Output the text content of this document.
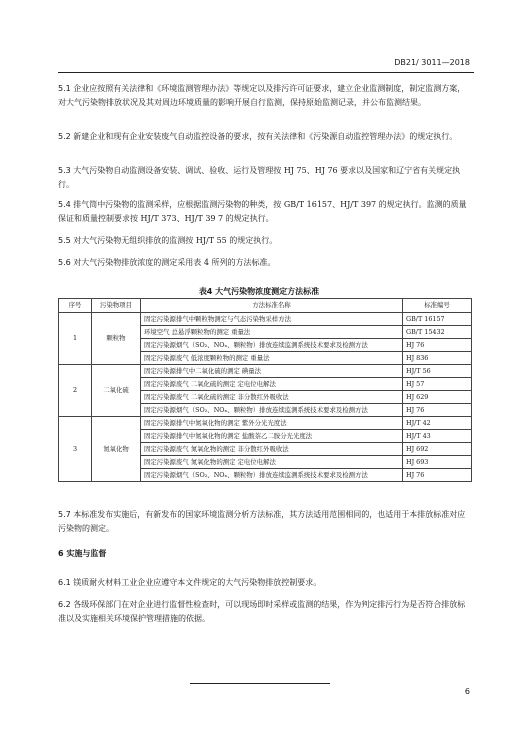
DB21/ 3011—2018
5.1 企业应按照有关法律和《环境监测管理办法》等规定以及排污许可证要求，建立企业监测制度，制定监测方案，对大气污染物排放状况及其对周边环境质量的影响开展自行监测，保持原始监测记录，并公布监测结果。
5.2 新建企业和现有企业安装废气自动监控设备的要求，按有关法律和《污染源自动监控管理办法》的规定执行。
5.3 大气污染物自动监测设备安装、调试、验收、运行及管理按 HJ 75、HJ 76 要求以及国家和辽宁省有关规定执行。
5.4 排气筒中污染物的监测采样，应根据监测污染物的种类，按 GB/T 16157、HJ/T 397 的规定执行。监测的质量保证和质量控制要求按 HJ/T 373、HJ/T 39 7 的规定执行。
5.5 对大气污染物无组织排放的监测按 HJ/T 55 的规定执行。
5.6 对大气污染物排放浓度的测定采用表 4 所列的方法标准。
表4 大气污染物浓度测定方法标准
序号	污染物项目	方法标准名称	标准编号
1	颗粒物	固定污染源排气中颗粒物测定与气态污染物采样方法	GB/T 16157
		环境空气 总悬浮颗粒物的测定 重量法	GB/T 15432
		固定污染源烟气（SO₂、NOₓ、颗粒物）排放连续监测系统技术要求及检测方法	HJ 76
		固定污染源废气 低浓度颗粒物的测定 重量法	HJ 836
2	二氧化硫	固定污染源排气中二氧化硫的测定 碘量法	HJ/T 56
		固定污染源废气 二氧化硫的测定 定电位电解法	HJ 57
		固定污染源废气 二氧化硫的测定 非分散红外吸收法	HJ 629
		固定污染源烟气（SO₂、NOₓ、颗粒物）排放连续监测系统技术要求及检测方法	HJ 76
3	氮氧化物	固定污染源排气中氮氧化物的测定 紫外分光光度法	HJ/T 42
		固定污染源排气中氮氧化物的测定 盐酸萘乙二胺分光光度法	HJ/T 43
		固定污染源废气 氮氧化物的测定 非分散红外吸收法	HJ 692
		固定污染源废气 氮氧化物的测定 定电位电解法	HJ 693
		固定污染源烟气（SO₂、NOₓ、颗粒物）排放连续监测系统技术要求及检测方法	HJ 76
5.7 本标准发布实施后，有新发布的国家环境监测分析方法标准，其方法适用范围相同的，也适用于本排放标准对应污染物的测定。
6 实施与监督
6.1 镁质耐火材料工业企业应遵守本文件规定的大气污染物排放控制要求。
6.2 各级环保部门在对企业进行监督性检查时，可以现场即时采样或监测的结果，作为判定排污行为是否符合排放标准以及实施相关环境保护管理措施的依据。
6
